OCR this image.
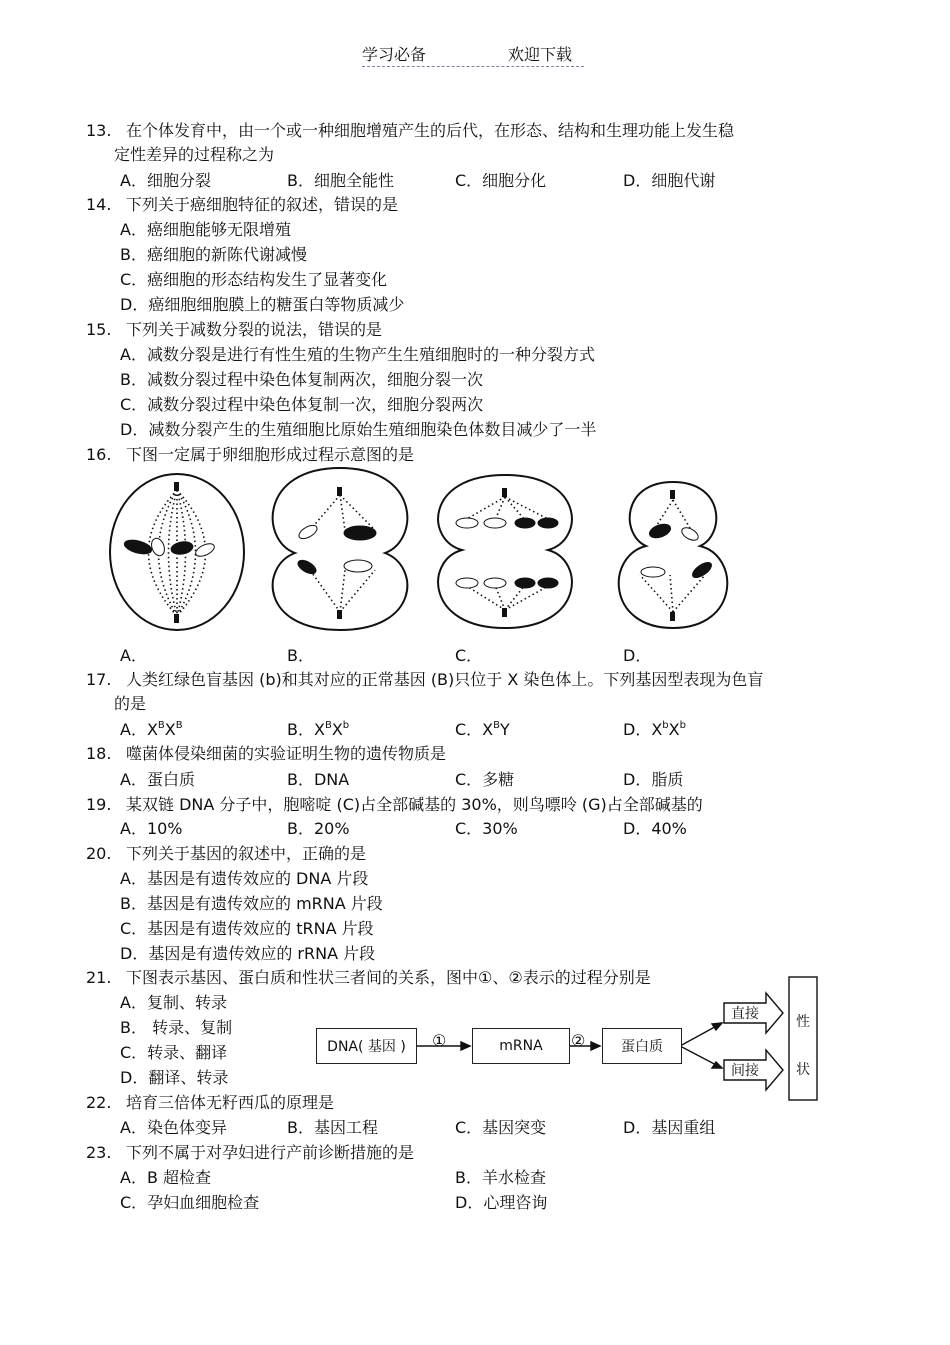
学习必备	欢迎下载
13. 在个体发育中，由一个或一种细胞增殖产生的后代，在形态、结构和生理功能上发生稳
定性差异的过程称之为
A．细胞分裂	B．细胞全能性	C．细胞分化	D．细胞代谢
14. 下列关于癌细胞特征的叙述，错误的是
A．癌细胞能够无限增殖
B．癌细胞的新陈代谢减慢
C．癌细胞的形态结构发生了显著变化
D．癌细胞细胞膜上的糖蛋白等物质减少
15. 下列关于减数分裂的说法，错误的是
A．减数分裂是进行有性生殖的生物产生生殖细胞时的一种分裂方式
B．减数分裂过程中染色体复制两次，细胞分裂一次
C．减数分裂过程中染色体复制一次，细胞分裂两次
D．减数分裂产生的生殖细胞比原始生殖细胞染色体数目减少了一半
16. 下图一定属于卵细胞形成过程示意图的是
A．	B．	C．	D．
17. 人类红绿色盲基因 (b)和其对应的正常基因 (B)只位于 X 染色体上。下列基因型表现为色盲
的是
A．$X^BX^B$	B．$X^BX^b$	C．$X^BY$	D．$X^bX^b$
18. 噬菌体侵染细菌的实验证明生物的遗传物质是
A．蛋白质	B．DNA	C．多糖	D．脂质
19. 某双链 DNA 分子中，胞嘧啶 (C)占全部碱基的 30%，则鸟嘌呤 (G)占全部碱基的
A．10%	B．20%	C．30%	D．40%
20. 下列关于基因的叙述中，正确的是
A．基因是有遗传效应的 DNA 片段
B．基因是有遗传效应的 mRNA 片段
C．基因是有遗传效应的 tRNA 片段
D．基因是有遗传效应的 rRNA 片段
21. 下图表示基因、蛋白质和性状三者间的关系，图中①、②表示的过程分别是
A．复制、转录
B． 转录、复制
C．转录、翻译
D．翻译、转录
DNA( 基因 )	mRNA	蛋白质
①	②
直接
间接
性
状
22. 培育三倍体无籽西瓜的原理是
A．染色体变异	B．基因工程	C．基因突变	D．基因重组
23. 下列不属于对孕妇进行产前诊断措施的是
A．B 超检查	B．羊水检查
C．孕妇血细胞检查	D．心理咨询
